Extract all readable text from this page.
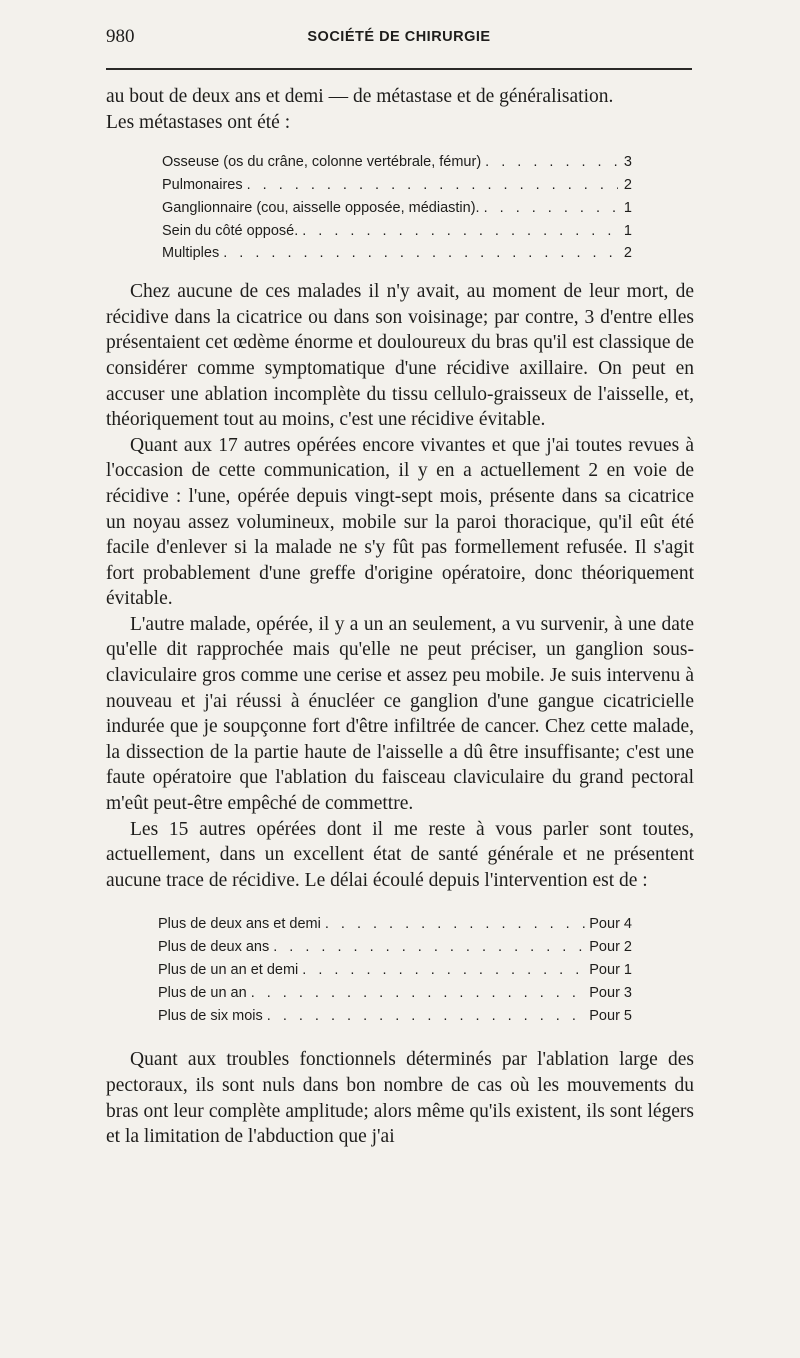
980	SOCIÉTÉ DE CHIRURGIE

au bout de deux ans et demi — de métastase et de généralisation.

Les métastases ont été :

Osseuse (os du crâne, colonne vertébrale, fémur) . . .	3
Pulmonaires . . .	2
Ganglionnaire (cou, aisselle opposée, médiastin). . . .	1
Sein du côté opposé. . . .	1
Multiples . . .	2

Chez aucune de ces malades il n'y avait, au moment de leur mort, de récidive dans la cicatrice ou dans son voisinage; par contre, 3 d'entre elles présentaient cet œdème énorme et douloureux du bras qu'il est classique de considérer comme symptomatique d'une récidive axillaire. On peut en accuser une ablation incomplète du tissu cellulo-graisseux de l'aisselle, et, théoriquement tout au moins, c'est une récidive évitable.

Quant aux 17 autres opérées encore vivantes et que j'ai toutes revues à l'occasion de cette communication, il y en a actuellement 2 en voie de récidive : l'une, opérée depuis vingt-sept mois, présente dans sa cicatrice un noyau assez volumineux, mobile sur la paroi thoracique, qu'il eût été facile d'enlever si la malade ne s'y fût pas formellement refusée. Il s'agit fort probablement d'une greffe d'origine opératoire, donc théoriquement évitable.

L'autre malade, opérée, il y a un an seulement, a vu survenir, à une date qu'elle dit rapprochée mais qu'elle ne peut préciser, un ganglion sous-claviculaire gros comme une cerise et assez peu mobile. Je suis intervenu à nouveau et j'ai réussi à énucléer ce ganglion d'une gangue cicatricielle indurée que je soupçonne fort d'être infiltrée de cancer. Chez cette malade, la dissection de la partie haute de l'aisselle a dû être insuffisante; c'est une faute opératoire que l'ablation du faisceau claviculaire du grand pectoral m'eût peut-être empêché de commettre.

Les 15 autres opérées dont il me reste à vous parler sont toutes, actuellement, dans un excellent état de santé générale et ne présentent aucune trace de récidive. Le délai écoulé depuis l'intervention est de :

Plus de deux ans et demi . . .	Pour 4
Plus de deux ans . . .	Pour 2
Plus de un an et demi . . .	Pour 1
Plus de un an . . .	Pour 3
Plus de six mois . . .	Pour 5

Quant aux troubles fonctionnels déterminés par l'ablation large des pectoraux, ils sont nuls dans bon nombre de cas où les mouvements du bras ont leur complète amplitude; alors même qu'ils existent, ils sont légers et la limitation de l'abduction que j'ai
